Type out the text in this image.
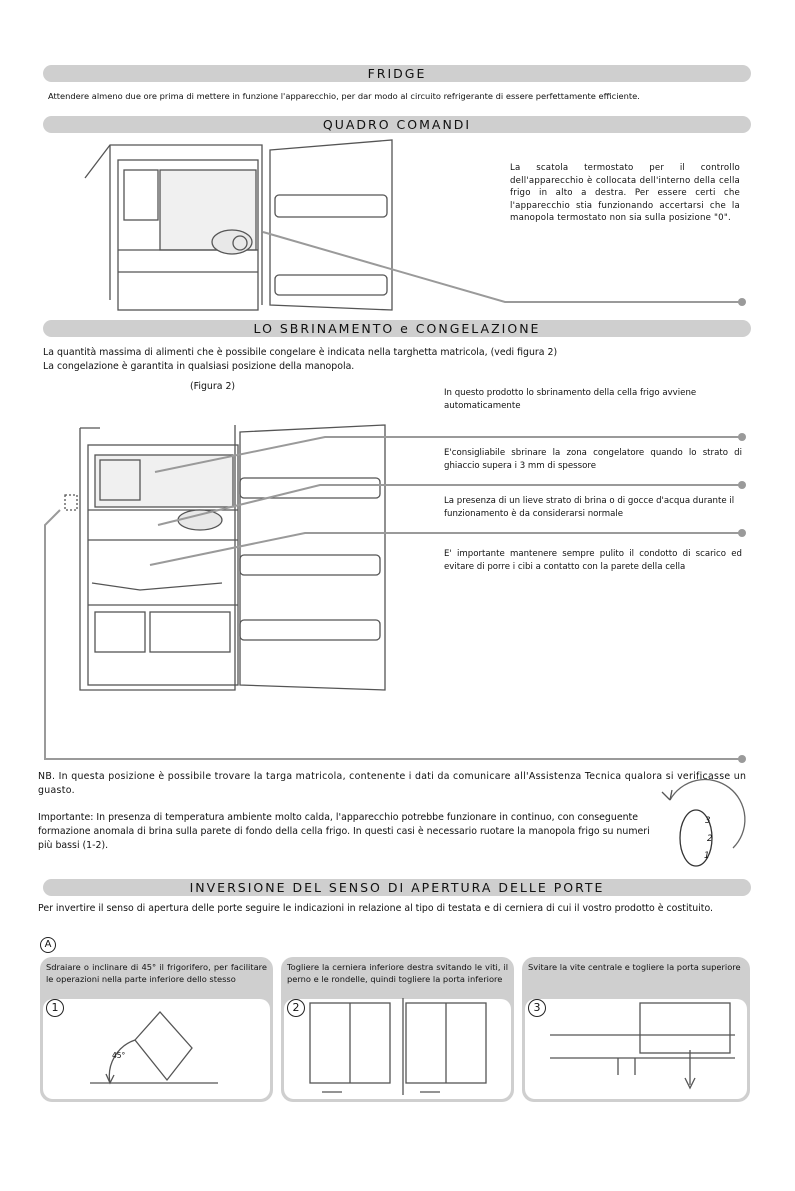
FRIDGE
Attendere almeno due ore prima di mettere in funzione l'apparecchio, per dar modo al circuito refrigerante di essere perfettamente efficiente.
QUADRO COMANDI
La scatola termostato per il controllo dell'apparecchio è collocata dell'interno della cella frigo in alto a destra. Per essere certi che l'apparecchio stia funzionando accertarsi che la manopola termostato non sia sulla posizione "0".
LO SBRINAMENTO e CONGELAZIONE
La quantità massima di alimenti che è possibile congelare è indicata nella targhetta matricola, (vedi figura 2)
La congelazione è garantita in qualsiasi posizione della manopola.
(Figura 2)
In questo prodotto lo sbrinamento della cella frigo avviene automaticamente
E'consigliabile sbrinare la zona congelatore quando lo strato di ghiaccio supera i 3 mm di spessore
La presenza di un lieve strato di brina o di gocce d'acqua durante il funzionamento è da considerarsi normale
E' importante mantenere sempre pulito il condotto di scarico ed evitare di porre i cibi a contatto con la parete della cella
NB. In questa posizione è possibile trovare la targa matricola, contenente i dati da comunicare all'Assistenza Tecnica qualora si verificasse un guasto.
Importante: In presenza di temperatura ambiente molto calda, l'apparecchio potrebbe funzionare in continuo, con conseguente formazione anomala di brina sulla parete di fondo della cella frigo. In questi casi è necessario ruotare la manopola frigo su numeri più bassi (1-2).
3
2
1
INVERSIONE DEL SENSO DI APERTURA DELLE PORTE
Per invertire il senso di apertura delle porte seguire le indicazioni in relazione al tipo di testata e di cerniera di cui il vostro prodotto è costituito.
A
Sdraiare o inclinare di 45° il frigorifero, per facilitare le operazioni nella parte inferiore dello stesso
1
45°
Togliere la cerniera inferiore destra svitando le viti, il perno e le rondelle, quindi togliere la porta inferiore
2
Svitare la vite centrale e togliere la porta superiore
3
